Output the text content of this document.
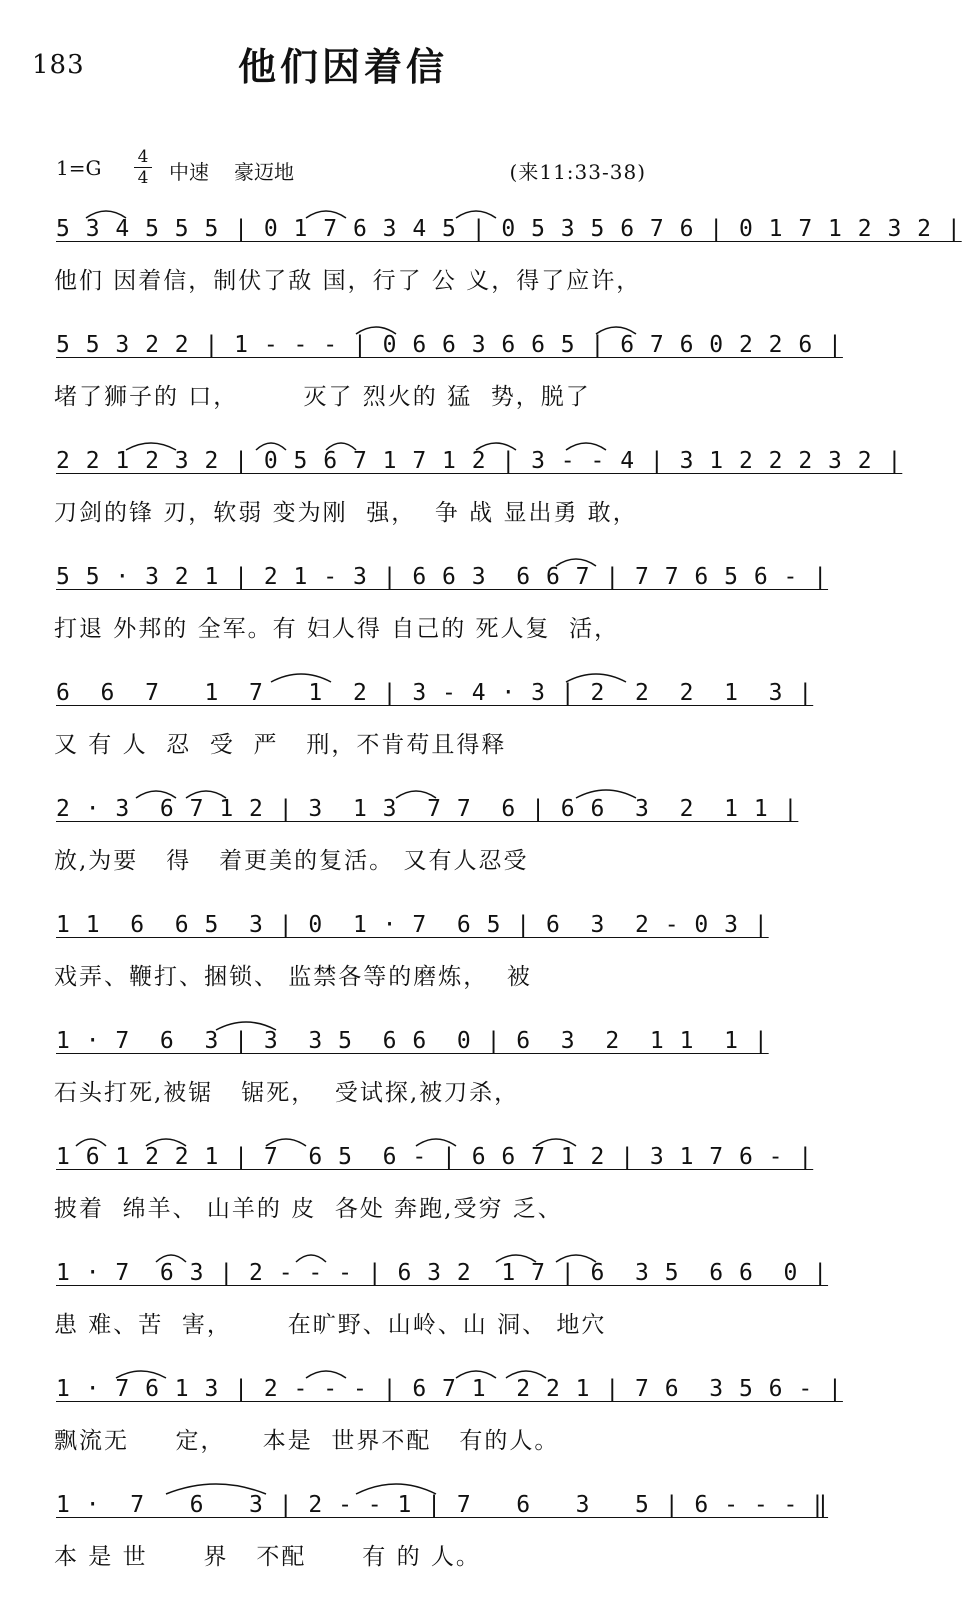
183	他们因着信
1=G	4
4	中速 豪迈地	(来11:33-38)
5 3 4 5 5 5 | 0 1 7 6 3 4 5 | 0 5 3 5 6 7 6 | 0 1 7 1 2 3 2 |
他们 因着信，制伏了敌 国，行了 公 义，得了应许，
5 5 3 2 2 | 1 - - - | 0 6 6 3 6 6 5 | 6 7 6 0 2 2 6 |
堵了狮子的 口，       灭了 烈火的 猛  势，脱了
2 2 1 2 3 2 | 0 5 6 7 1 7 1 2 | 3 - - 4 | 3 1 2 2 2 3 2 |
刀剑的锋 刃，软弱 变为刚  强，  争 战 显出勇 敢，
5 5 · 3 2 1 | 2 1 - 3 | 6 6 3  6 6 7 | 7 7 6 5 6 - |
打退 外邦的 全军。有 妇人得 自己的 死人复  活，
6  6  7   1  7   1  2 | 3 - 4 · 3 | 2  2  2  1  3 |
又 有 人  忍  受  严   刑，不肯苟且得释
2 · 3  6 7 1 2 | 3  1 3  7 7  6 | 6 6  3  2  1 1 |
放,为要   得   着更美的复活。 又有人忍受
1 1  6  6 5  3 | 0  1 · 7  6 5 | 6  3  2 - 0 3 |
戏弄、鞭打、捆锁、 监禁各等的磨炼，  被
1 · 7  6  3 | 3  3 5  6 6  0 | 6  3  2  1 1  1 |
石头打死,被锯   锯死，  受试探,被刀杀，
1 6 1 2 2 1 | 7  6 5  6 - | 6 6 7 1 2 | 3 1 7 6 - |
披着  绵羊、 山羊的 皮  各处 奔跑,受穷 乏、
1 · 7  6 3 | 2 - - - | 6 3 2  1 7 | 6  3 5  6 6  0 |
患 难、苦  害，      在旷野、山岭、山 洞、 地穴
1 · 7 6 1 3 | 2 - - - | 6 7 1  2 2 1 | 7 6  3 5 6 - |
飘流无     定，    本是  世界不配   有的人。
1 ·  7   6   3 | 2 - - 1 | 7   6   3   5 | 6 - - - ‖
本 是 世      界   不配      有 的 人。
